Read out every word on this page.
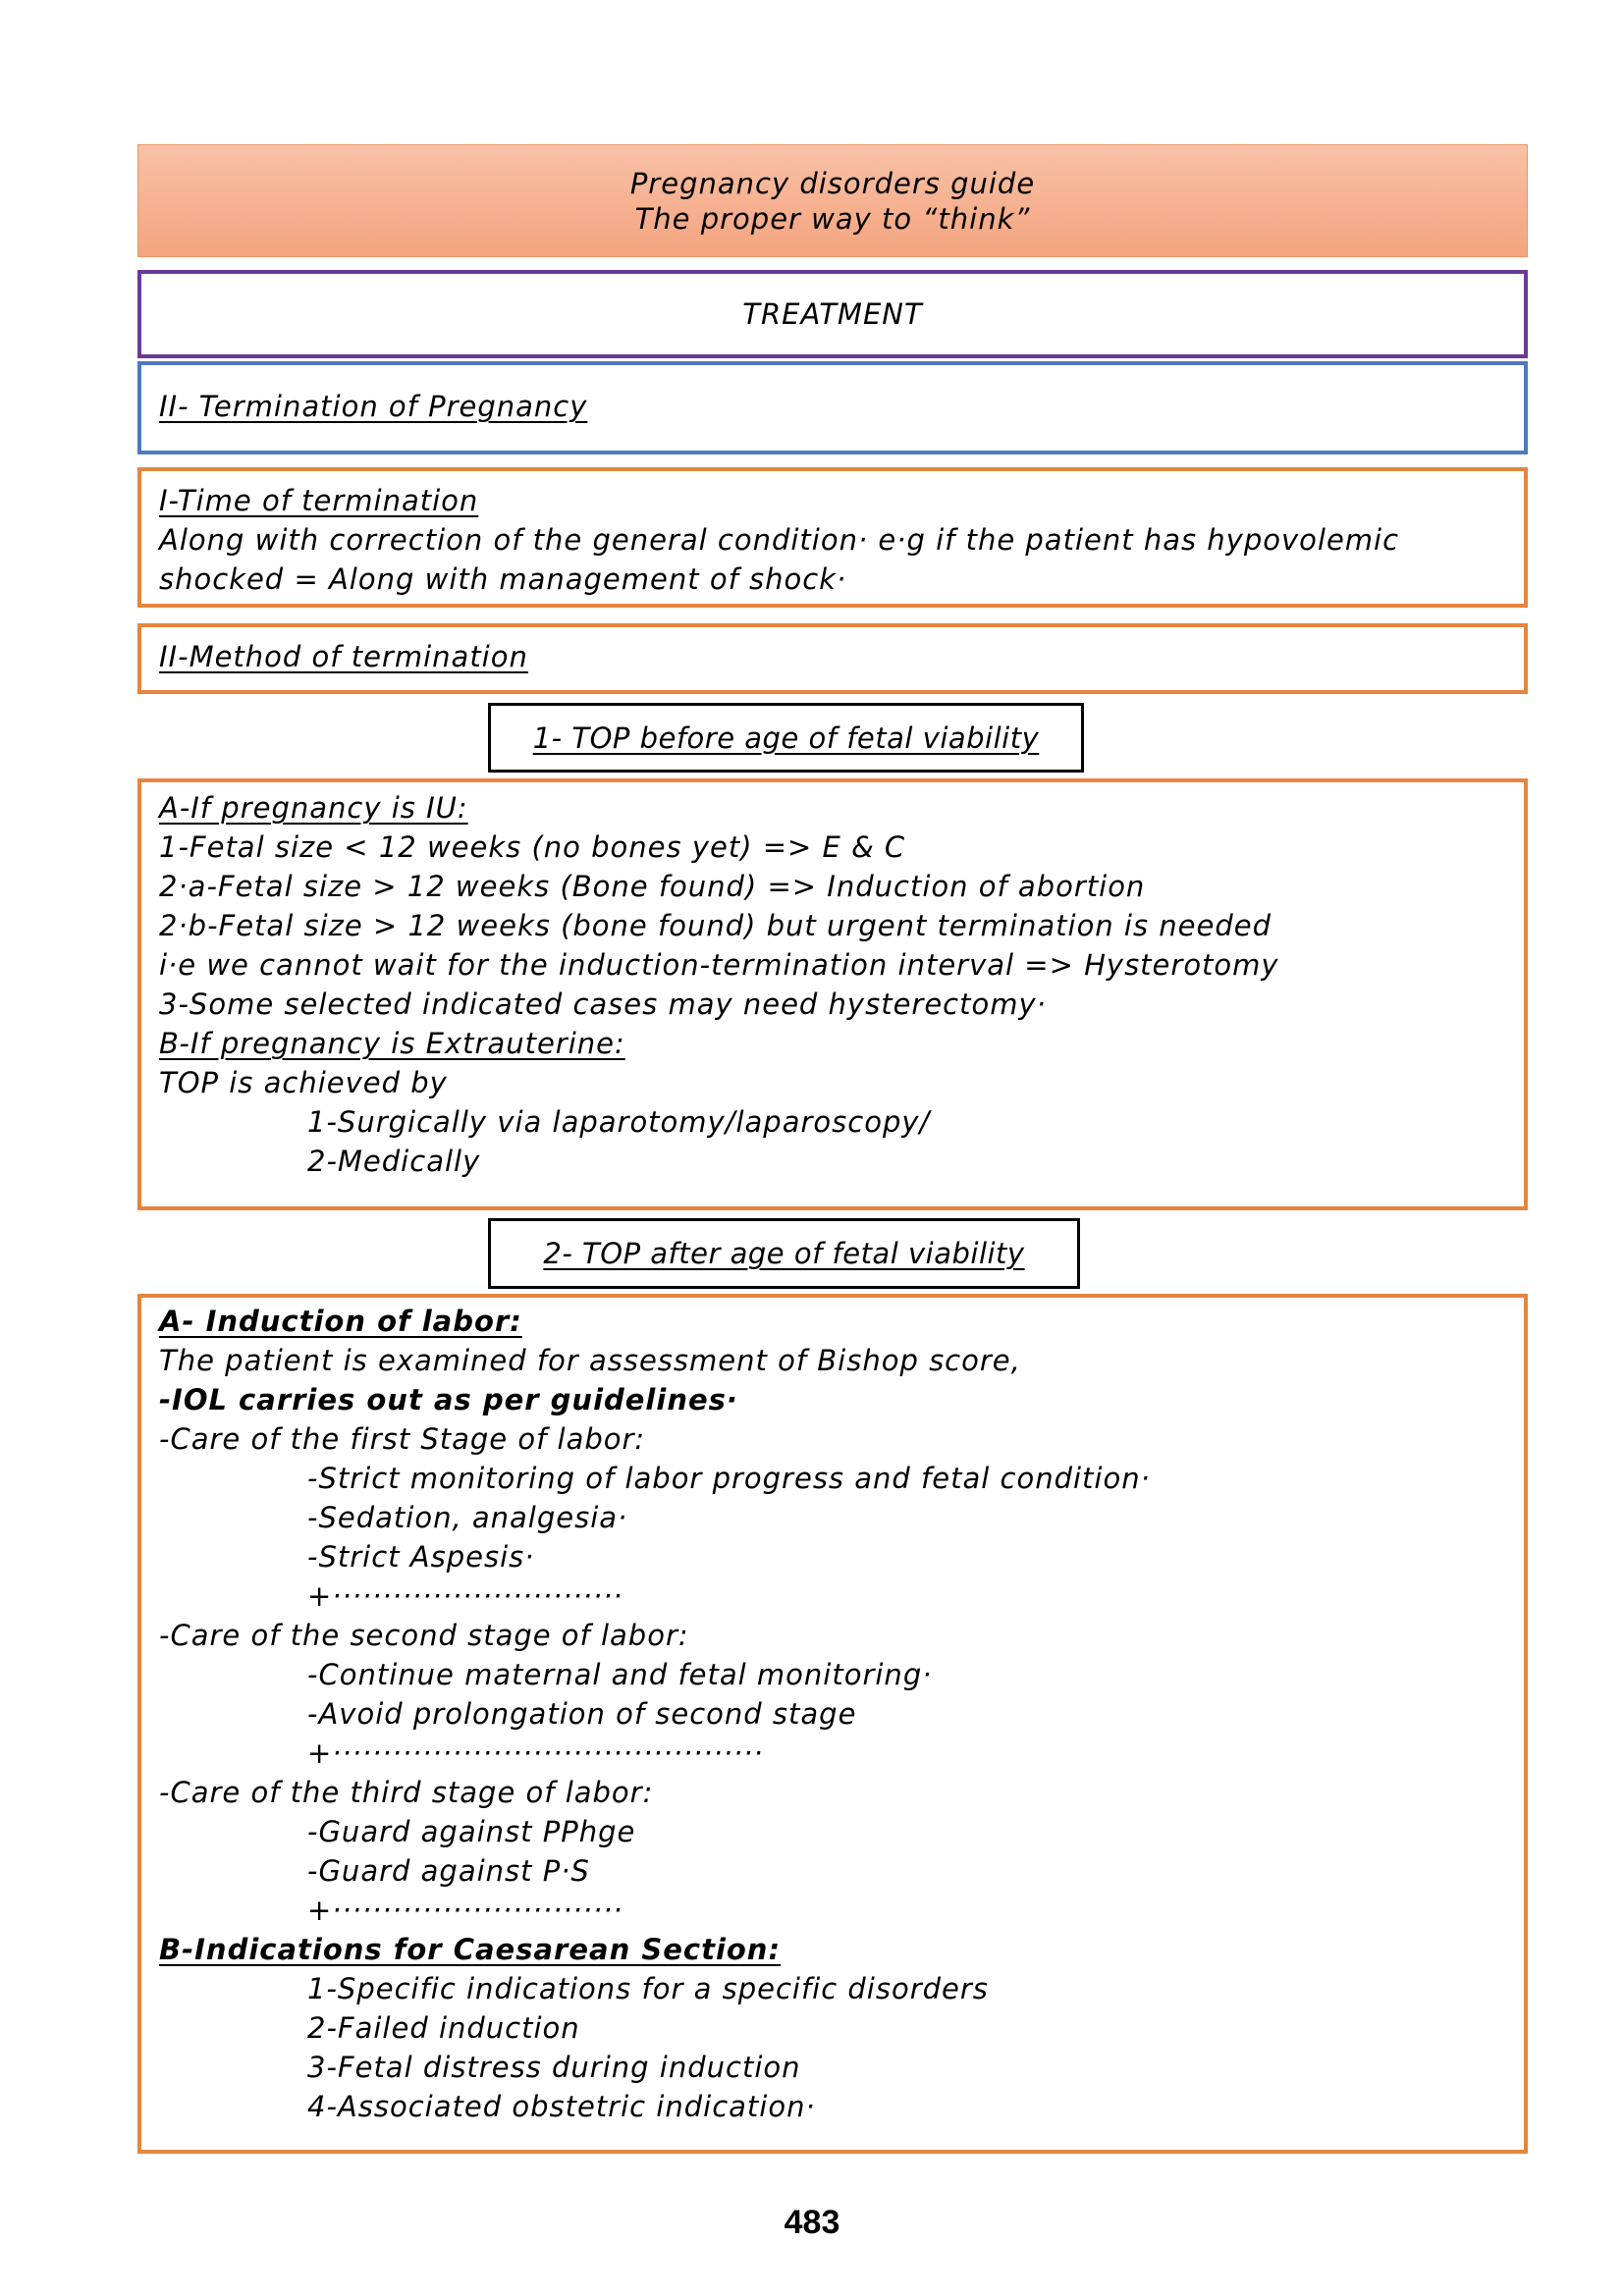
Pregnancy disorders guide
The proper way to “think”
TREATMENT
II- Termination of Pregnancy
I-Time of termination
Along with correction of the general condition· e·g if the patient has hypovolemic
shocked = Along with management of shock·
II-Method of termination
1- TOP before age of fetal viability
A-If pregnancy is IU:
1-Fetal size < 12 weeks (no bones yet) => E & C
2·a-Fetal size > 12 weeks (Bone found) => Induction of abortion
2·b-Fetal size > 12 weeks (bone found) but urgent termination is needed
i·e we cannot wait for the induction-termination interval => Hysterotomy
3-Some selected indicated cases may need hysterectomy·
B-If pregnancy is Extrauterine:
TOP is achieved by
1-Surgically via laparotomy/laparoscopy/
2-Medically
2- TOP after age of fetal viability
A- Induction of labor:
The patient is examined for assessment of Bishop score,
-IOL carries out as per guidelines·
-Care of the first Stage of labor:
-Strict monitoring of labor progress and fetal condition·
-Sedation, analgesia·
-Strict Aspesis·
+·····························
-Care of the second stage of labor:
-Continue maternal and fetal monitoring·
-Avoid prolongation of second stage
+···········································
-Care of the third stage of labor:
-Guard against PPhge
-Guard against P·S
+·····························
B-Indications for Caesarean Section:
1-Specific indications for a specific disorders
2-Failed induction
3-Fetal distress during induction
4-Associated obstetric indication·
483
